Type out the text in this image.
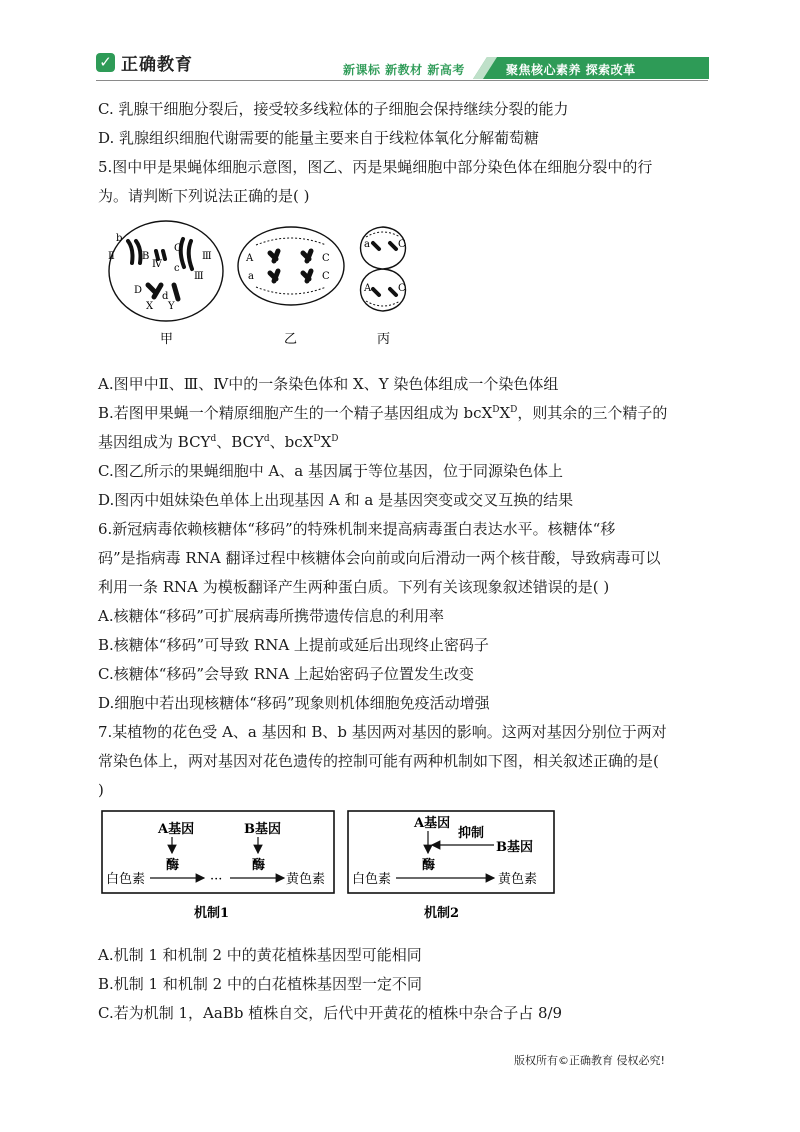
✓ 正确教育	新课标 新教材 新高考	聚焦核心素养 探索改革
C. 乳腺干细胞分裂后，接受较多线粒体的子细胞会保持继续分裂的能力
D. 乳腺组织细胞代谢需要的能量主要来自于线粒体氧化分解葡萄糖
5.图中甲是果蝇体细胞示意图，图乙、丙是果蝇细胞中部分染色体在细胞分裂中的行
为。请判断下列说法正确的是( )
b
Ⅱ	B
Ⅳ
C
Ⅲ
c
Ⅲ
D
d
X Y
甲
A	C
a	C
乙
a	C
A	C
丙
A.图甲中Ⅱ、Ⅲ、Ⅳ中的一条染色体和 X、Y 染色体组成一个染色体组
B.若图甲果蝇一个精原细胞产生的一个精子基因组成为 $bcX^DX^D$，则其余的三个精子的
基因组成为 BCY$^d$、BCY$^d$、$bcX^DX^D$
C.图乙所示的果蝇细胞中 A、a 基因属于等位基因，位于同源染色体上
D.图丙中姐妹染色单体上出现基因 A 和 a 是基因突变或交叉互换的结果
6.新冠病毒依赖核糖体“移码”的特殊机制来提高病毒蛋白表达水平。核糖体“移
码”是指病毒 RNA 翻译过程中核糖体会向前或向后滑动一两个核苷酸，导致病毒可以
利用一条 RNA 为模板翻译产生两种蛋白质。下列有关该现象叙述错误的是( )
A.核糖体“移码”可扩展病毒所携带遗传信息的利用率
B.核糖体“移码”可导致 RNA 上提前或延后出现终止密码子
C.核糖体“移码”会导致 RNA 上起始密码子位置发生改变
D.细胞中若出现核糖体“移码”现象则机体细胞免疫活动增强
7.某植物的花色受 A、a 基因和 B、b 基因两对基因的影响。这两对基因分别位于两对
常染色体上，两对基因对花色遗传的控制可能有两种机制如下图，相关叙述正确的是(
)
A基因
酶
B基因
酶
白色素	···	黄色素
机制1
A基因
抑制
B基因
酶
白色素	黄色素
机制2
A.机制 1 和机制 2 中的黄花植株基因型可能相同
B.机制 1 和机制 2 中的白花植株基因型一定不同
C.若为机制 1，AaBb 植株自交，后代中开黄花的植株中杂合子占 8/9
版权所有©正确教育 侵权必究!
